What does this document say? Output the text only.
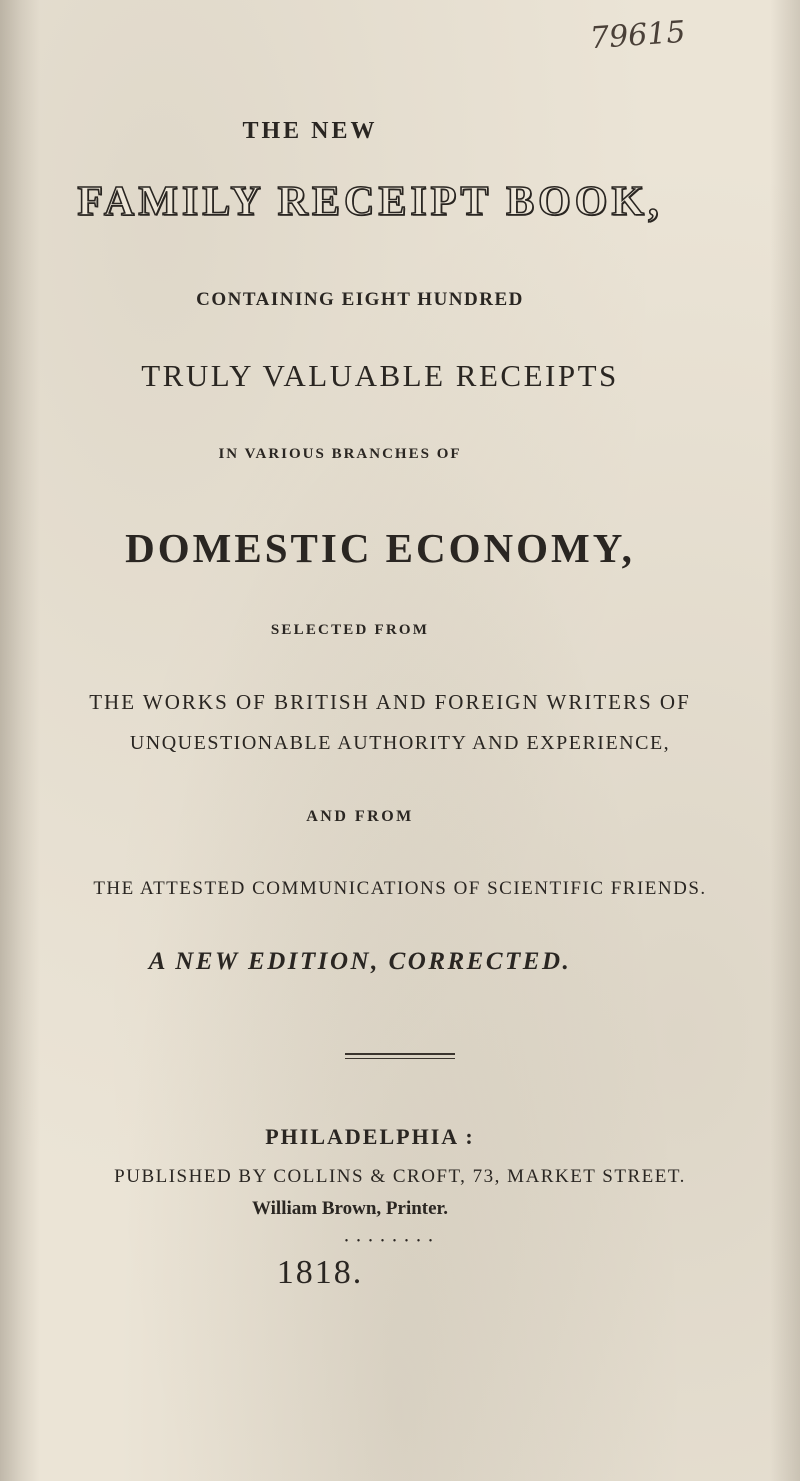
79615
THE NEW
FAMILY RECEIPT BOOK,
CONTAINING EIGHT HUNDRED
TRULY VALUABLE RECEIPTS
IN VARIOUS BRANCHES OF
DOMESTIC ECONOMY,
SELECTED FROM
THE WORKS OF BRITISH AND FOREIGN WRITERS OF
UNQUESTIONABLE AUTHORITY AND EXPERIENCE,
AND FROM
THE ATTESTED COMMUNICATIONS OF SCIENTIFIC FRIENDS.
A NEW EDITION, CORRECTED.
PHILADELPHIA :
PUBLISHED BY COLLINS & CROFT, 73, MARKET STREET.
William Brown, Printer.
• • • • • • • •
1818.
